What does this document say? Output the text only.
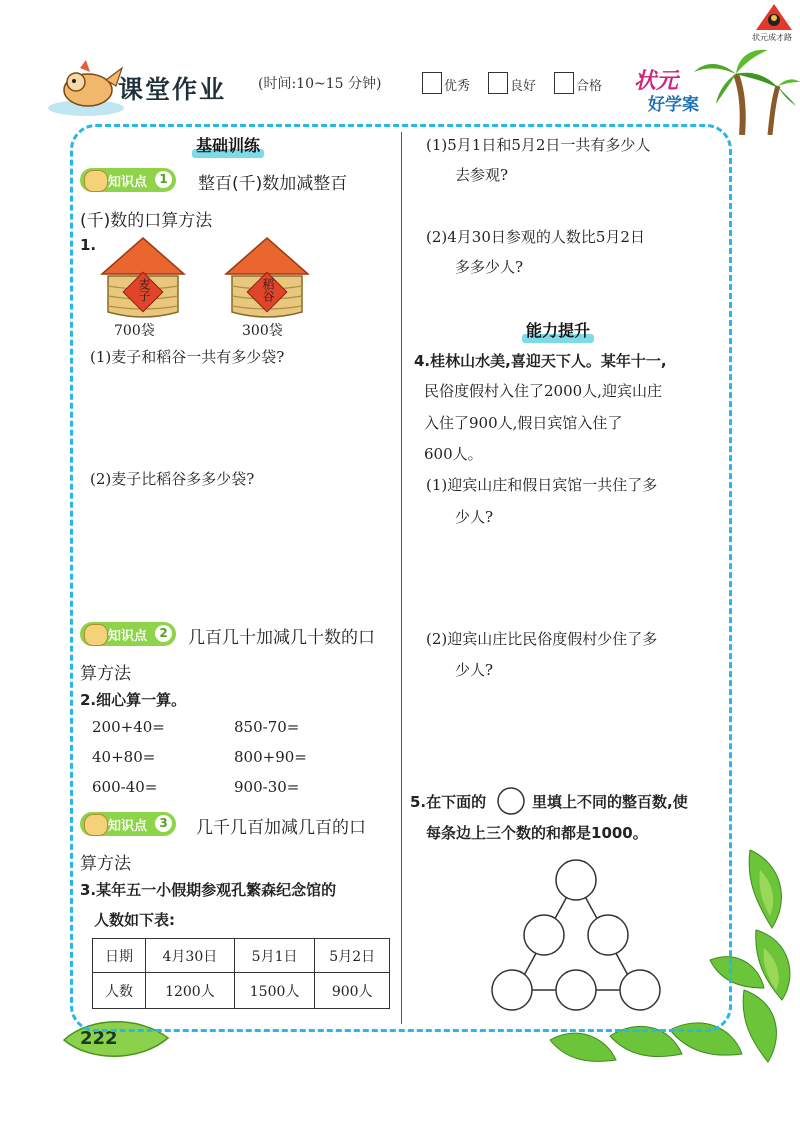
课堂作业 (时间:10~15 分钟)	优秀	良好	合格 状元
好学案
状元成才路
222
基础训练
知识点	1 整百(千)数加减整百
(千)数的口算方法
1.
麦子
700袋
稻谷
300袋
(1)麦子和稻谷一共有多少袋?
(2)麦子比稻谷多多少袋?
知识点	2 几百几十加减几十数的口
算方法
2.细心算一算。
200+40=	850-70=
40+80=	800+90=
600-40=	900-30=
知识点	3 几千几百加减几百的口
算方法
3.某年五一小假期参观孔繁森纪念馆的
人数如下表:
日期	4月30日	5月1日	5月2日
人数	1200人	1500人	900人
(1)5月1日和5月2日一共有多少人
去参观?
(2)4月30日参观的人数比5月2日
多多少人?
能力提升
4.桂林山水美,喜迎天下人。某年十一,
民俗度假村入住了2000人,迎宾山庄
入住了900人,假日宾馆入住了
600人。
(1)迎宾山庄和假日宾馆一共住了多
少人?
(2)迎宾山庄比民俗度假村少住了多
少人?
5.在下面的	里填上不同的整百数,使
每条边上三个数的和都是1000。
